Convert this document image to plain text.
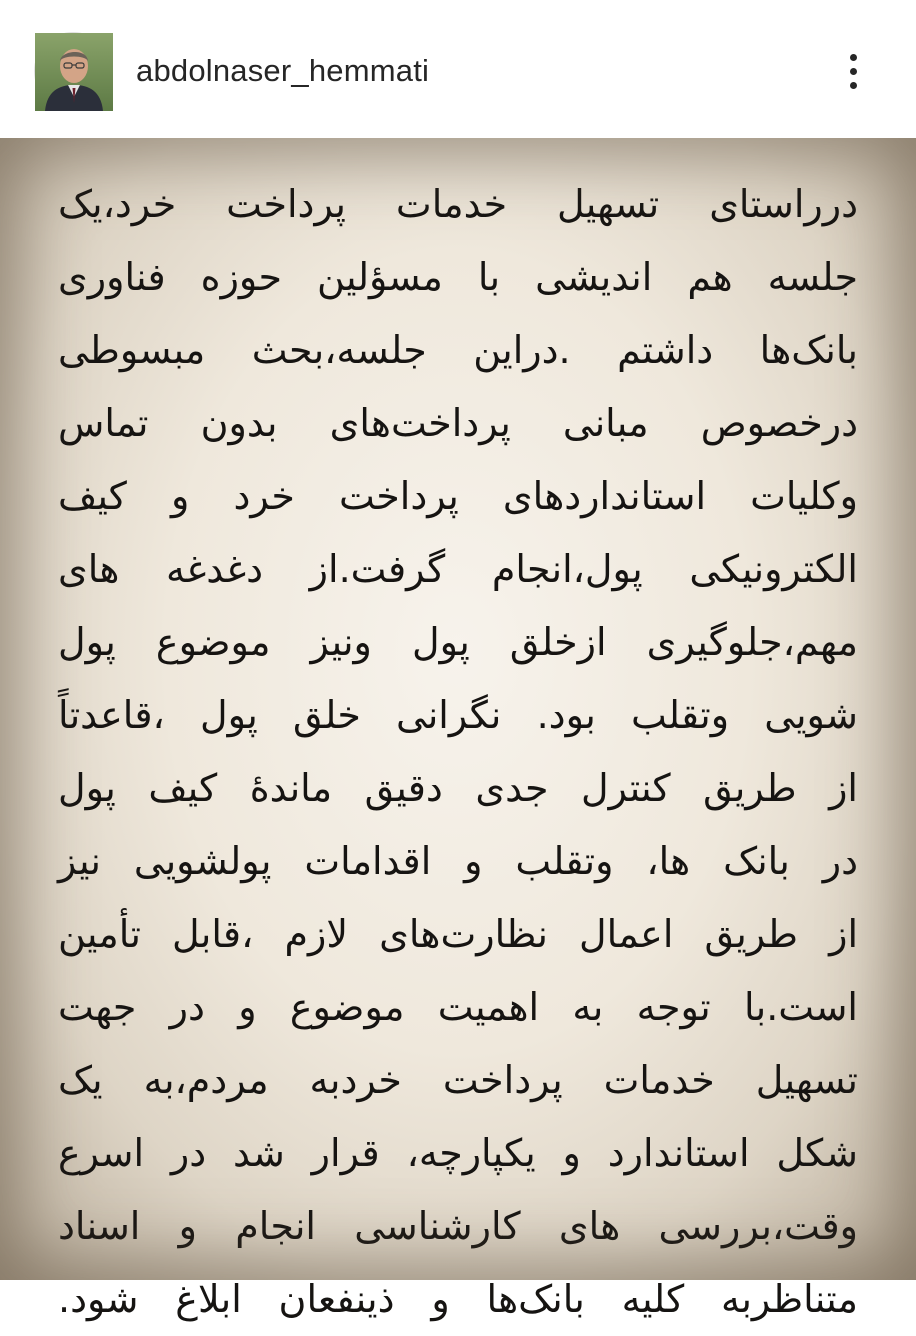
abdolnaser_hemmati
درراستای تسهیل خدمات پرداخت خرد،یک
جلسه هم اندیشی با مسؤلین حوزه فناوری
بانک‌ها داشتم .دراین جلسه،بحث مبسوطی
درخصوص مبانی پرداخت‌های بدون تماس
وکلیات استانداردهای پرداخت خرد و کیف
الکترونیکی پول،انجام گرفت.از دغدغه های
مهم،جلوگیری ازخلق پول ونیز موضوع پول
شویی وتقلب بود. نگرانی خلق پول ،قاعدتاً
از طریق کنترل جدی دقیق ماندۀ کیف پول
در بانک ها، وتقلب و اقدامات پولشویی نیز
از طریق اعمال نظارت‌های لازم ،قابل تأمین
است.با توجه به اهمیت موضوع و در جهت
تسهیل خدمات پرداخت خردبه مردم،به یک
شکل استاندارد و یکپارچه، قرار شد در اسرع
وقت،بررسی های کارشناسی انجام و اسناد
متناظربه کلیه بانک‌ها و ذینفعان ابلاغ شود.
